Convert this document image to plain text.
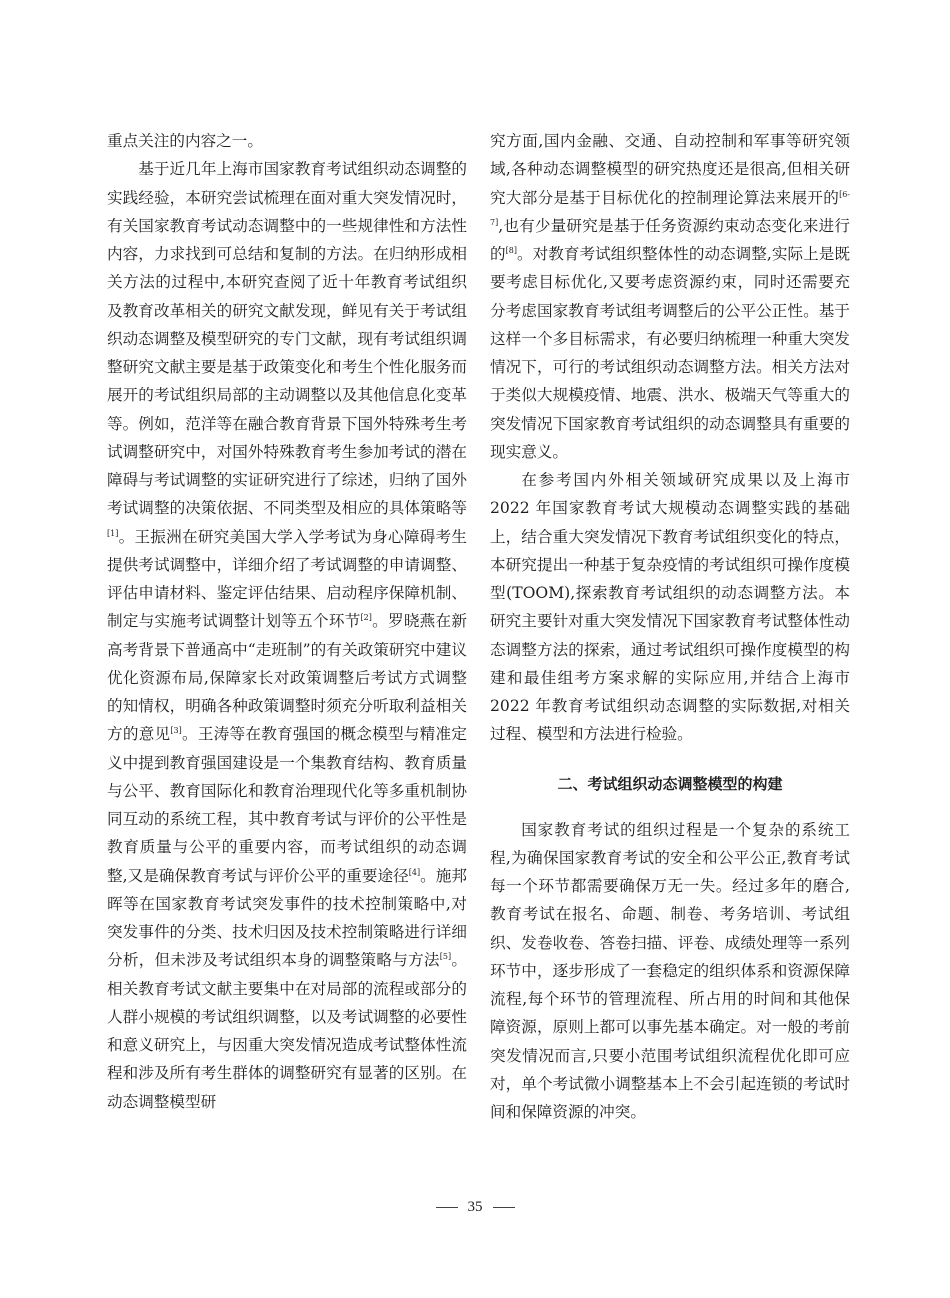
重点关注的内容之一。

基于近几年上海市国家教育考试组织动态调整的实践经验，本研究尝试梳理在面对重大突发情况时，有关国家教育考试动态调整中的一些规律性和方法性内容，力求找到可总结和复制的方法。在归纳形成相关方法的过程中,本研究查阅了近十年教育考试组织及教育改革相关的研究文献发现，鲜见有关于考试组织动态调整及模型研究的专门文献，现有考试组织调整研究文献主要是基于政策变化和考生个性化服务而展开的考试组织局部的主动调整以及其他信息化变革等。例如，范洋等在融合教育背景下国外特殊考生考试调整研究中，对国外特殊教育考生参加考试的潜在障碍与考试调整的实证研究进行了综述，归纳了国外考试调整的决策依据、不同类型及相应的具体策略等[1]。王振洲在研究美国大学入学考试为身心障碍考生提供考试调整中，详细介绍了考试调整的申请调整、评估申请材料、鉴定评估结果、启动程序保障机制、制定与实施考试调整计划等五个环节[2]。罗晓燕在新高考背景下普通高中“走班制”的有关政策研究中建议优化资源布局,保障家长对政策调整后考试方式调整的知情权，明确各种政策调整时须充分听取利益相关方的意见[3]。王涛等在教育强国的概念模型与精准定义中提到教育强国建设是一个集教育结构、教育质量与公平、教育国际化和教育治理现代化等多重机制协同互动的系统工程，其中教育考试与评价的公平性是教育质量与公平的重要内容，而考试组织的动态调整,又是确保教育考试与评价公平的重要途径[4]。施邦晖等在国家教育考试突发事件的技术控制策略中,对突发事件的分类、技术归因及技术控制策略进行详细分析，但未涉及考试组织本身的调整策略与方法[5]。相关教育考试文献主要集中在对局部的流程或部分的人群小规模的考试组织调整，以及考试调整的必要性和意义研究上，与因重大突发情况造成考试整体性流程和涉及所有考生群体的调整研究有显著的区别。在动态调整模型研

究方面,国内金融、交通、自动控制和军事等研究领域,各种动态调整模型的研究热度还是很高,但相关研究大部分是基于目标优化的控制理论算法来展开的[6-7],也有少量研究是基于任务资源约束动态变化来进行的[8]。对教育考试组织整体性的动态调整,实际上是既要考虑目标优化,又要考虑资源约束，同时还需要充分考虑国家教育考试组考调整后的公平公正性。基于这样一个多目标需求，有必要归纳梳理一种重大突发情况下，可行的考试组织动态调整方法。相关方法对于类似大规模疫情、地震、洪水、极端天气等重大的突发情况下国家教育考试组织的动态调整具有重要的现实意义。

在参考国内外相关领域研究成果以及上海市2022 年国家教育考试大规模动态调整实践的基础上，结合重大突发情况下教育考试组织变化的特点，本研究提出一种基于复杂疫情的考试组织可操作度模型(TOOM),探索教育考试组织的动态调整方法。本研究主要针对重大突发情况下国家教育考试整体性动态调整方法的探索，通过考试组织可操作度模型的构建和最佳组考方案求解的实际应用,并结合上海市 2022 年教育考试组织动态调整的实际数据,对相关过程、模型和方法进行检验。

二、考试组织动态调整模型的构建

国家教育考试的组织过程是一个复杂的系统工程,为确保国家教育考试的安全和公平公正,教育考试每一个环节都需要确保万无一失。经过多年的磨合,教育考试在报名、命题、制卷、考务培训、考试组织、发卷收卷、答卷扫描、评卷、成绩处理等一系列环节中，逐步形成了一套稳定的组织体系和资源保障流程,每个环节的管理流程、所占用的时间和其他保障资源，原则上都可以事先基本确定。对一般的考前突发情况而言,只要小范围考试组织流程优化即可应对，单个考试微小调整基本上不会引起连锁的考试时间和保障资源的冲突。

35
